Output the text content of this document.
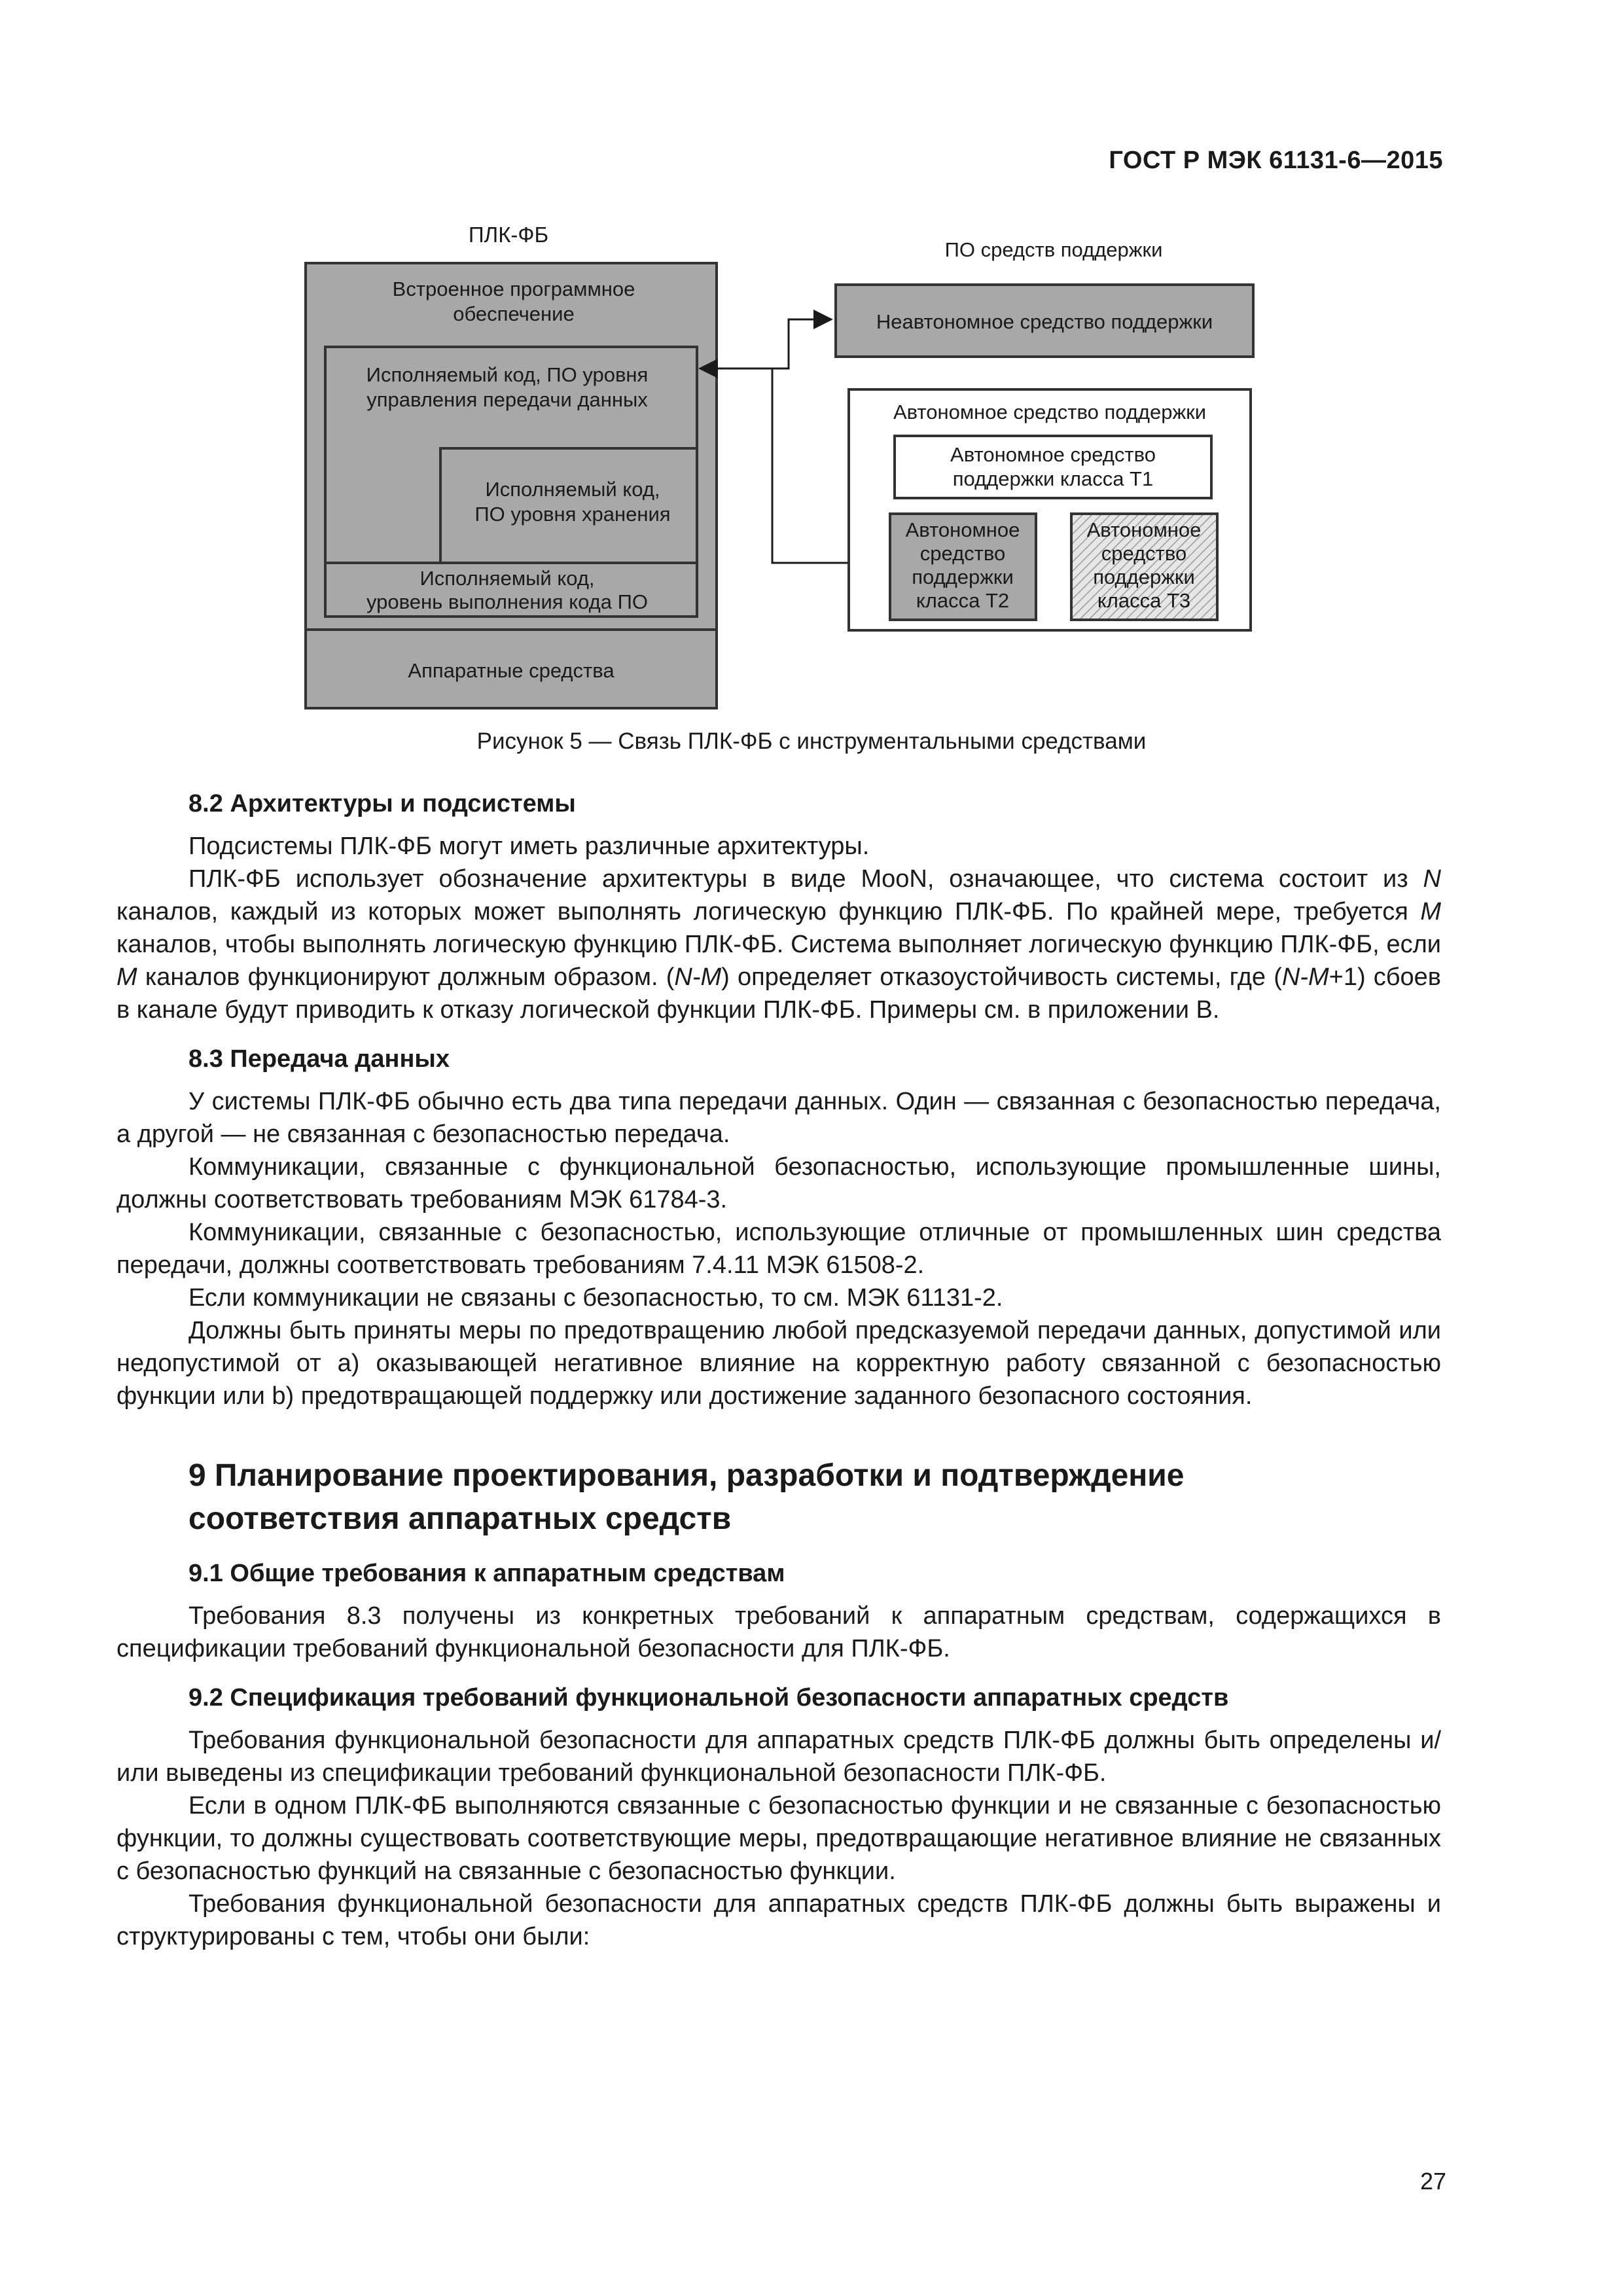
ГОСТ Р МЭК 61131-6—2015
ПЛК-ФБ
Встроенное программное
обеспечение
Исполняемый код, ПО уровня
управления передачи данных
Исполняемый код,
ПО уровня хранения
Исполняемый код,
уровень выполнения кода ПО
Аппаратные средства
ПО средств поддержки
Неавтономное средство поддержки
Автономное средство поддержки
Автономное средство
поддержки класса Т1
Автономное
средство
поддержки
класса Т2
Автономное
средство
поддержки
класса Т3
Рисунок 5 — Связь ПЛК-ФБ с инструментальными средствами
8.2 Архитектуры и подсистемы

Подсистемы ПЛК-ФБ могут иметь различные архитектуры.

ПЛК-ФБ использует обозначение архитектуры в виде MooN, означающее, что система состоит из N каналов, каждый из которых может выполнять логическую функцию ПЛК-ФБ. По крайней мере, требуется M каналов, чтобы выполнять логическую функцию ПЛК-ФБ. Система выполняет логическую функцию ПЛК-ФБ, если M каналов функционируют должным образом. (N-M) определяет отказоустойчивость системы, где (N-M+1) сбоев в канале будут приводить к отказу логической функции ПЛК-ФБ. Примеры см. в приложении В.

8.3 Передача данных

У системы ПЛК-ФБ обычно есть два типа передачи данных. Один — связанная с безопасностью передача, а другой — не связанная с безопасностью передача.

Коммуникации, связанные с функциональной безопасностью, использующие промышленные шины, должны соответствовать требованиям МЭК 61784-3.

Коммуникации, связанные с безопасностью, использующие отличные от промышленных шин средства передачи, должны соответствовать требованиям 7.4.11 МЭК 61508-2.

Если коммуникации не связаны с безопасностью, то см. МЭК 61131-2.

Должны быть приняты меры по предотвращению любой предсказуемой передачи данных, допустимой или недопустимой от a) оказывающей негативное влияние на корректную работу связанной с безопасностью функции или b) предотвращающей поддержку или достижение заданного безопасного состояния.

9 Планирование проектирования, разработки и подтверждение
соответствия аппаратных средств
9.1 Общие требования к аппаратным средствам

Требования 8.3 получены из конкретных требований к аппаратным средствам, содержащихся в спецификации требований функциональной безопасности для ПЛК-ФБ.

9.2 Спецификация требований функциональной безопасности аппаратных средств

Требования функциональной безопасности для аппаратных средств ПЛК-ФБ должны быть определены и/или выведены из спецификации требований функциональной безопасности ПЛК-ФБ.

Если в одном ПЛК-ФБ выполняются связанные с безопасностью функции и не связанные с безопасностью функции, то должны существовать соответствующие меры, предотвращающие негативное влияние не связанных с безопасностью функций на связанные с безопасностью функции.

Требования функциональной безопасности для аппаратных средств ПЛК-ФБ должны быть выражены и структурированы с тем, чтобы они были:

27
